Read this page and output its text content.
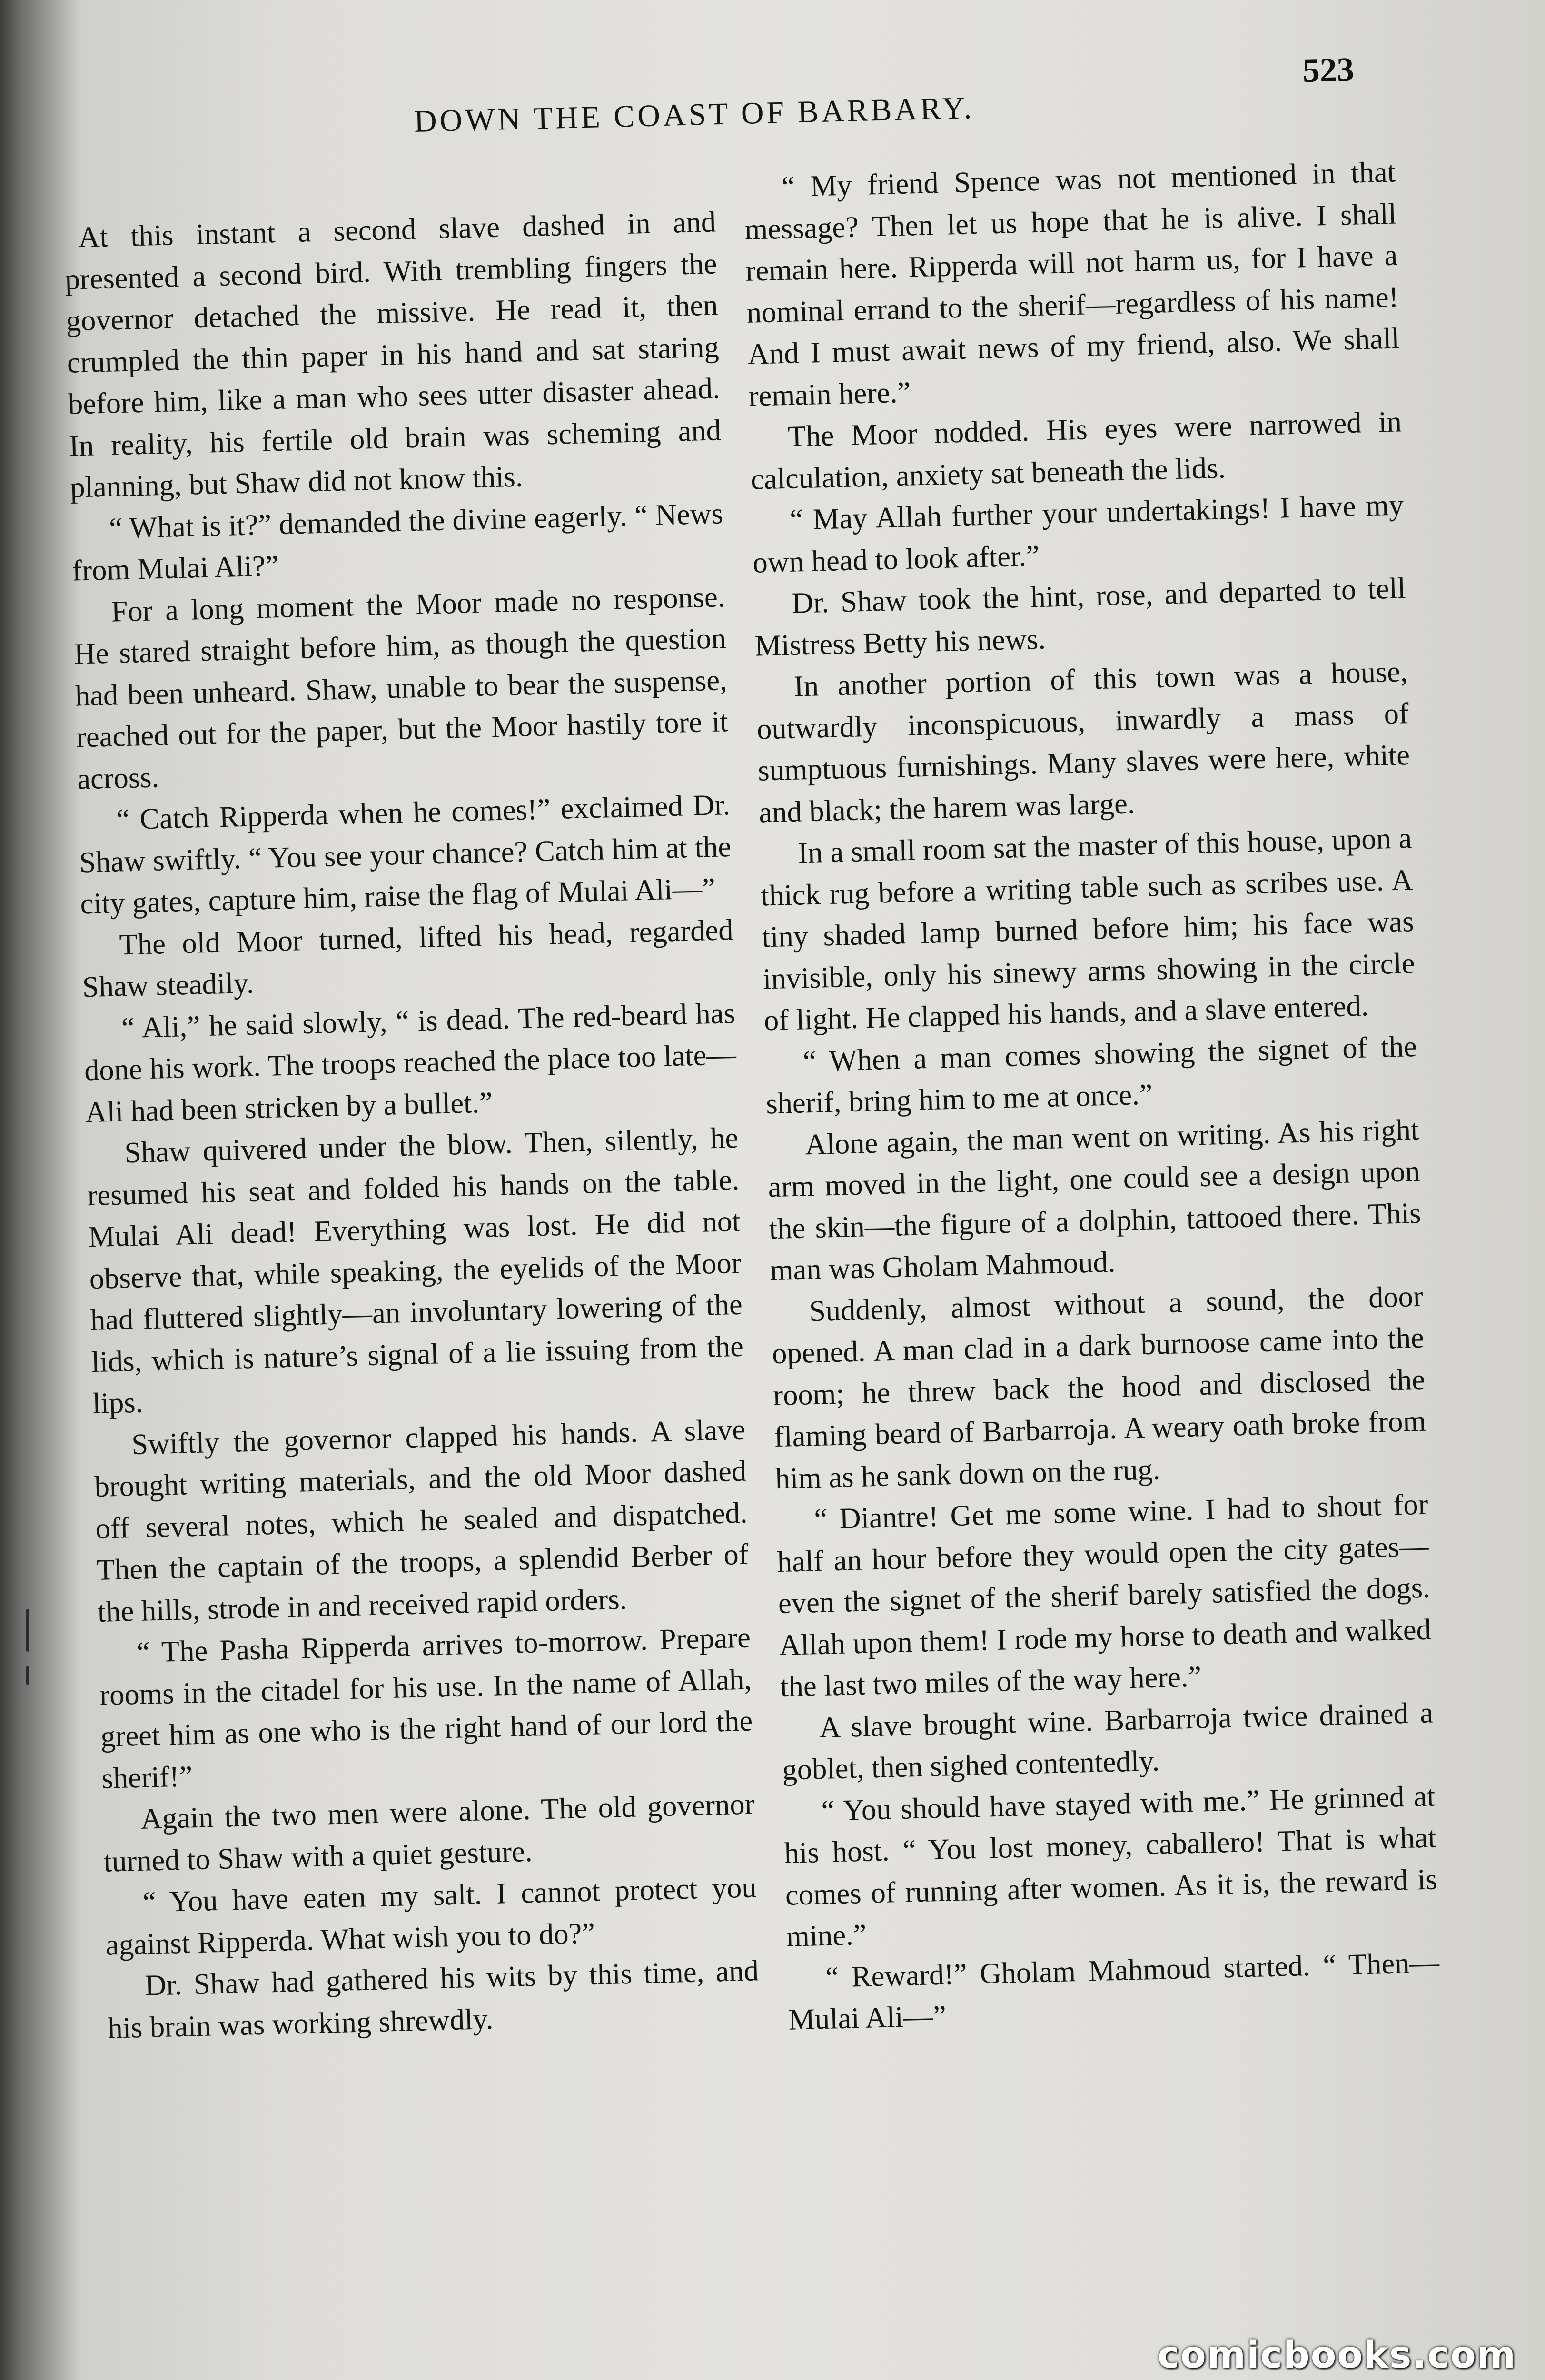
DOWN THE COAST OF BARBARY.
523

At this instant a second slave dashed in and presented a second bird. With trembling fingers the governor detached the missive. He read it, then crumpled the thin paper in his hand and sat staring before him, like a man who sees utter disaster ahead. In reality, his fertile old brain was scheming and planning, but Shaw did not know this.

“ What is it?” demanded the divine eagerly. “ News from Mulai Ali?”

For a long moment the Moor made no response. He stared straight before him, as though the question had been unheard. Shaw, unable to bear the suspense, reached out for the paper, but the Moor hastily tore it across.

“ Catch Ripperda when he comes!” exclaimed Dr. Shaw swiftly. “ You see your chance? Catch him at the city gates, capture him, raise the flag of Mulai Ali—”

The old Moor turned, lifted his head, regarded Shaw steadily.

“ Ali,” he said slowly, “ is dead. The red-beard has done his work. The troops reached the place too late—Ali had been stricken by a bullet.”

Shaw quivered under the blow. Then, silently, he resumed his seat and folded his hands on the table. Mulai Ali dead! Everything was lost. He did not observe that, while speaking, the eyelids of the Moor had fluttered slightly—an involuntary lowering of the lids, which is nature’s signal of a lie issuing from the lips.

Swiftly the governor clapped his hands. A slave brought writing materials, and the old Moor dashed off several notes, which he sealed and dispatched. Then the captain of the troops, a splendid Berber of the hills, strode in and received rapid orders.

“ The Pasha Ripperda arrives to-morrow. Prepare rooms in the citadel for his use. In the name of Allah, greet him as one who is the right hand of our lord the sherif!”

Again the two men were alone. The old governor turned to Shaw with a quiet gesture.

“ You have eaten my salt. I cannot protect you against Ripperda. What wish you to do?”

Dr. Shaw had gathered his wits by this time, and his brain was working shrewdly.

“ My friend Spence was not mentioned in that message? Then let us hope that he is alive. I shall remain here. Ripperda will not harm us, for I have a nominal errand to the sherif—regardless of his name! And I must await news of my friend, also. We shall remain here.”

The Moor nodded. His eyes were narrowed in calculation, anxiety sat beneath the lids.

“ May Allah further your undertakings! I have my own head to look after.”

Dr. Shaw took the hint, rose, and departed to tell Mistress Betty his news.

In another portion of this town was a house, outwardly inconspicuous, inwardly a mass of sumptuous furnishings. Many slaves were here, white and black; the harem was large.

In a small room sat the master of this house, upon a thick rug before a writing table such as scribes use. A tiny shaded lamp burned before him; his face was invisible, only his sinewy arms showing in the circle of light. He clapped his hands, and a slave entered.

“ When a man comes showing the signet of the sherif, bring him to me at once.”

Alone again, the man went on writing. As his right arm moved in the light, one could see a design upon the skin—the figure of a dolphin, tattooed there. This man was Gholam Mahmoud.

Suddenly, almost without a sound, the door opened. A man clad in a dark burnoose came into the room; he threw back the hood and disclosed the flaming beard of Barbarroja. A weary oath broke from him as he sank down on the rug.

“ Diantre! Get me some wine. I had to shout for half an hour before they would open the city gates—even the signet of the sherif barely satisfied the dogs. Allah upon them! I rode my horse to death and walked the last two miles of the way here.”

A slave brought wine. Barbarroja twice drained a goblet, then sighed contentedly.

“ You should have stayed with me.” He grinned at his host. “ You lost money, caballero! That is what comes of running after women. As it is, the reward is mine.”

“ Reward!” Gholam Mahmoud started. “ Then—Mulai Ali—”

comicbooks.com
